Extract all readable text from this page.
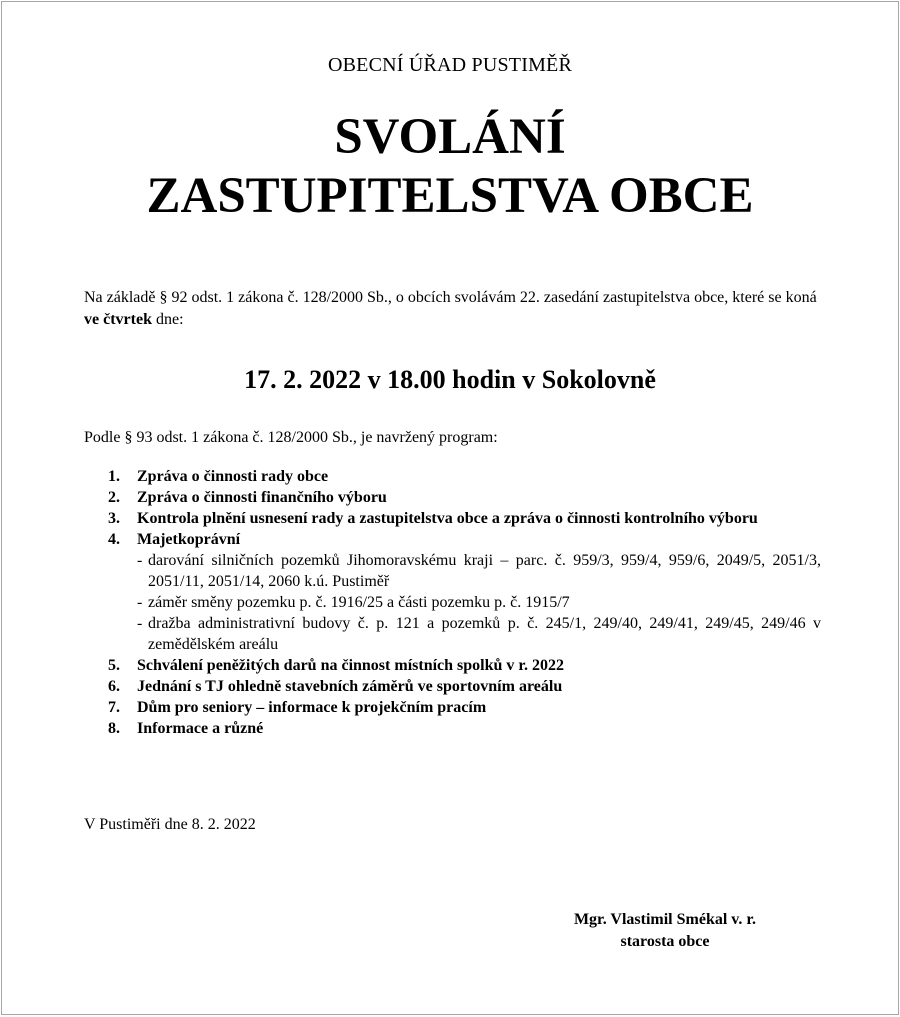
OBECNÍ ÚŘAD PUSTIMĚŘ
SVOLÁNÍ
ZASTUPITELSTVA OBCE
Na základě § 92 odst. 1 zákona č. 128/2000 Sb., o obcích svolávám 22. zasedání zastupitelstva obce, které se koná ve čtvrtek dne:
17. 2. 2022 v 18.00 hodin v Sokolovně
Podle § 93 odst. 1 zákona č. 128/2000 Sb., je navržený program:
1. Zpráva o činnosti rady obce
2. Zpráva o činnosti finančního výboru
3. Kontrola plnění usnesení rady a zastupitelstva obce a zpráva o činnosti kontrolního výboru
4. Majetkoprávní
- darování silničních pozemků Jihomoravskému kraji – parc. č. 959/3, 959/4, 959/6, 2049/5, 2051/3, 2051/11, 2051/14, 2060 k.ú. Pustiměř
- záměr směny pozemku p. č. 1916/25 a části pozemku p. č. 1915/7
- dražba administrativní budovy č. p. 121 a pozemků p. č. 245/1, 249/40, 249/41, 249/45, 249/46 v zemědělském areálu
5. Schválení peněžitých darů na činnost místních spolků v r. 2022
6. Jednání s TJ ohledně stavebních záměrů ve sportovním areálu
7. Dům pro seniory – informace k projekčním pracím
8. Informace a různé
V Pustiměři dne 8. 2. 2022
Mgr. Vlastimil Smékal v. r.
starosta obce
